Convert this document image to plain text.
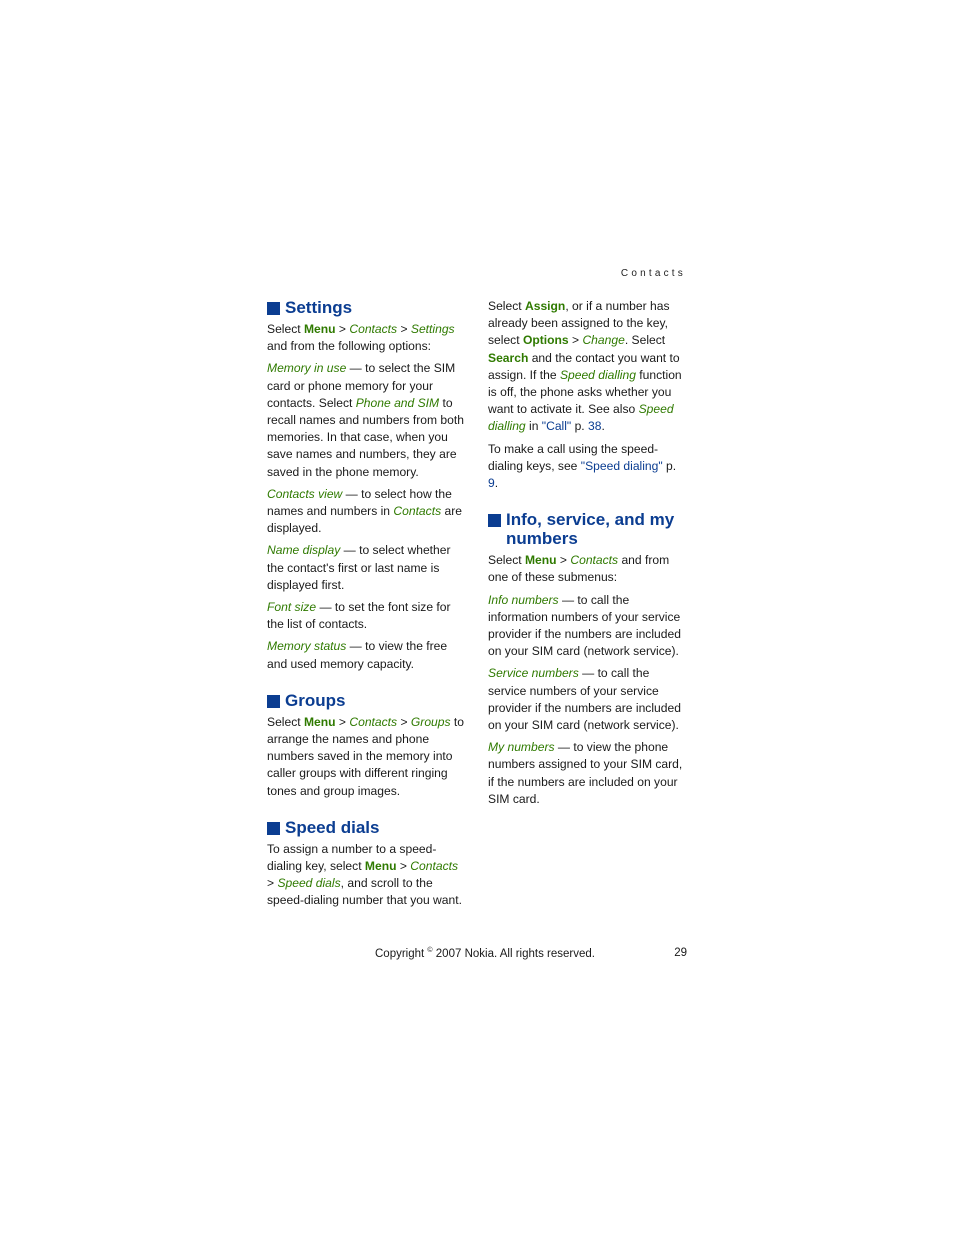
Contacts
Settings

Select Menu > Contacts > Settings and from the following options:

Memory in use — to select the SIM card or phone memory for your contacts. Select Phone and SIM to recall names and numbers from both memories. In that case, when you save names and numbers, they are saved in the phone memory.

Contacts view — to select how the names and numbers in Contacts are displayed.

Name display — to select whether the contact's first or last name is displayed first.

Font size — to set the font size for the list of contacts.

Memory status — to view the free and used memory capacity.

Groups

Select Menu > Contacts > Groups to arrange the names and phone numbers saved in the memory into caller groups with different ringing tones and group images.

Speed dials

To assign a number to a speed-dialing key, select Menu > Contacts > Speed dials, and scroll to the speed-dialing number that you want.

Select Assign, or if a number has already been assigned to the key, select Options > Change. Select Search and the contact you want to assign. If the Speed dialling function is off, the phone asks whether you want to activate it. See also Speed dialling in "Call" p. 38.

To make a call using the speed-dialing keys, see "Speed dialing" p. 9.

Info, service, and my numbers

Select Menu > Contacts and from one of these submenus:

Info numbers — to call the information numbers of your service provider if the numbers are included on your SIM card (network service).

Service numbers — to call the service numbers of your service provider if the numbers are included on your SIM card (network service).

My numbers — to view the phone numbers assigned to your SIM card, if the numbers are included on your SIM card.

Copyright © 2007 Nokia. All rights reserved.	29
